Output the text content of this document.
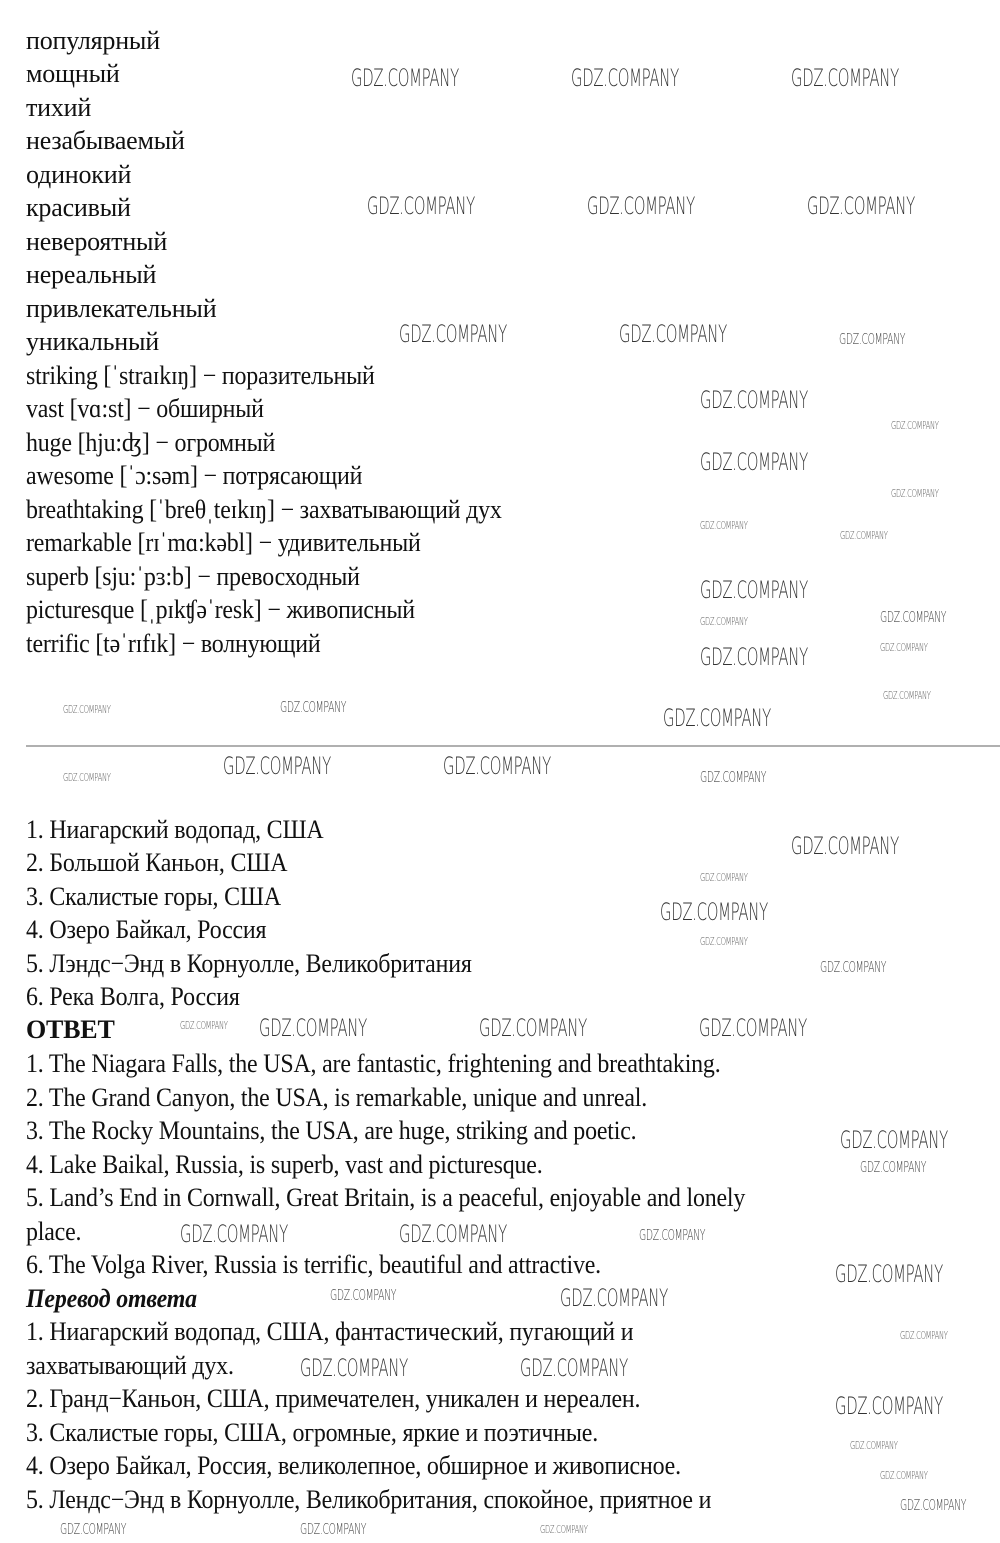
популярный
мощный
тихий
незабываемый
одинокий
красивый
невероятный
нереальный
привлекательный
уникальный
striking [ˈstraɪkɪŋ] − поразительный
vast [vɑ:st] − обширный
huge [hju:ʤ] − огромный
awesome [ˈɔ:səm] − потрясающий
breathtaking [ˈbreθˌteɪkɪŋ] − захватывающий дух
remarkable [rɪˈmɑ:kəbl] − удивительный
superb [sju:ˈpɜ:b] − превосходный
picturesque [ˌpɪkʧəˈresk] − живописный
terrific [təˈrɪfɪk] − волнующий
1. Ниагарский водопад, США
2. Большой Каньон, США
3. Скалистые горы, США
4. Озеро Байкал, Россия
5. Лэндс−Энд в Корнуолле, Великобритания
6. Река Волга, Россия
ОТВЕТ
1. The Niagara Falls, the USA, are fantastic, frightening and breathtaking.
2. The Grand Canyon, the USA, is remarkable, unique and unreal.
3. The Rocky Mountains, the USA, are huge, striking and poetic.
4. Lake Baikal, Russia, is superb, vast and picturesque.
5. Land’s End in Cornwall, Great Britain, is a peaceful, enjoyable and lonely
place.
6. The Volga River, Russia is terrific, beautiful and attractive.
Перевод ответа
1. Ниагарский водопад, США, фантастический, пугающий и
захватывающий дух.
2. Гранд−Каньон, США, примечателен, уникален и нереален.
3. Скалистые горы, США, огромные, яркие и поэтичные.
4. Озеро Байкал, Россия, великолепное, обширное и живописное.
5. Лендс−Энд в Корнуолле, Великобритания, спокойное, приятное и
GDZ.COMPANY	GDZ.COMPANY	GDZ.COMPANY
GDZ.COMPANY	GDZ.COMPANY	GDZ.COMPANY
GDZ.COMPANY	GDZ.COMPANY	GDZ.COMPANY
GDZ.COMPANY
GDZ.COMPANY
GDZ.COMPANY
GDZ.COMPANY
GDZ.COMPANY
GDZ.COMPANY
GDZ.COMPANY
GDZ.COMPANY
GDZ.COMPANY
GDZ.COMPANY
GDZ.COMPANY
GDZ.COMPANY	GDZ.COMPANY	GDZ.COMPANY
GDZ.COMPANY
GDZ.COMPANY	GDZ.COMPANY	GDZ.COMPANY	GDZ.COMPANY
GDZ.COMPANY
GDZ.COMPANY
GDZ.COMPANY
GDZ.COMPANY
GDZ.COMPANY
GDZ.COMPANY	GDZ.COMPANY	GDZ.COMPANY
GDZ.COMPANY
GDZ.COMPANY
GDZ.COMPANY
GDZ.COMPANY	GDZ.COMPANY	GDZ.COMPANY
GDZ.COMPANY
GDZ.COMPANY	GDZ.COMPANY
GDZ.COMPANY	GDZ.COMPANY
GDZ.COMPANY
GDZ.COMPANY
GDZ.COMPANY
GDZ.COMPANY
GDZ.COMPANY
GDZ.COMPANY	GDZ.COMPANY	GDZ.COMPANY
